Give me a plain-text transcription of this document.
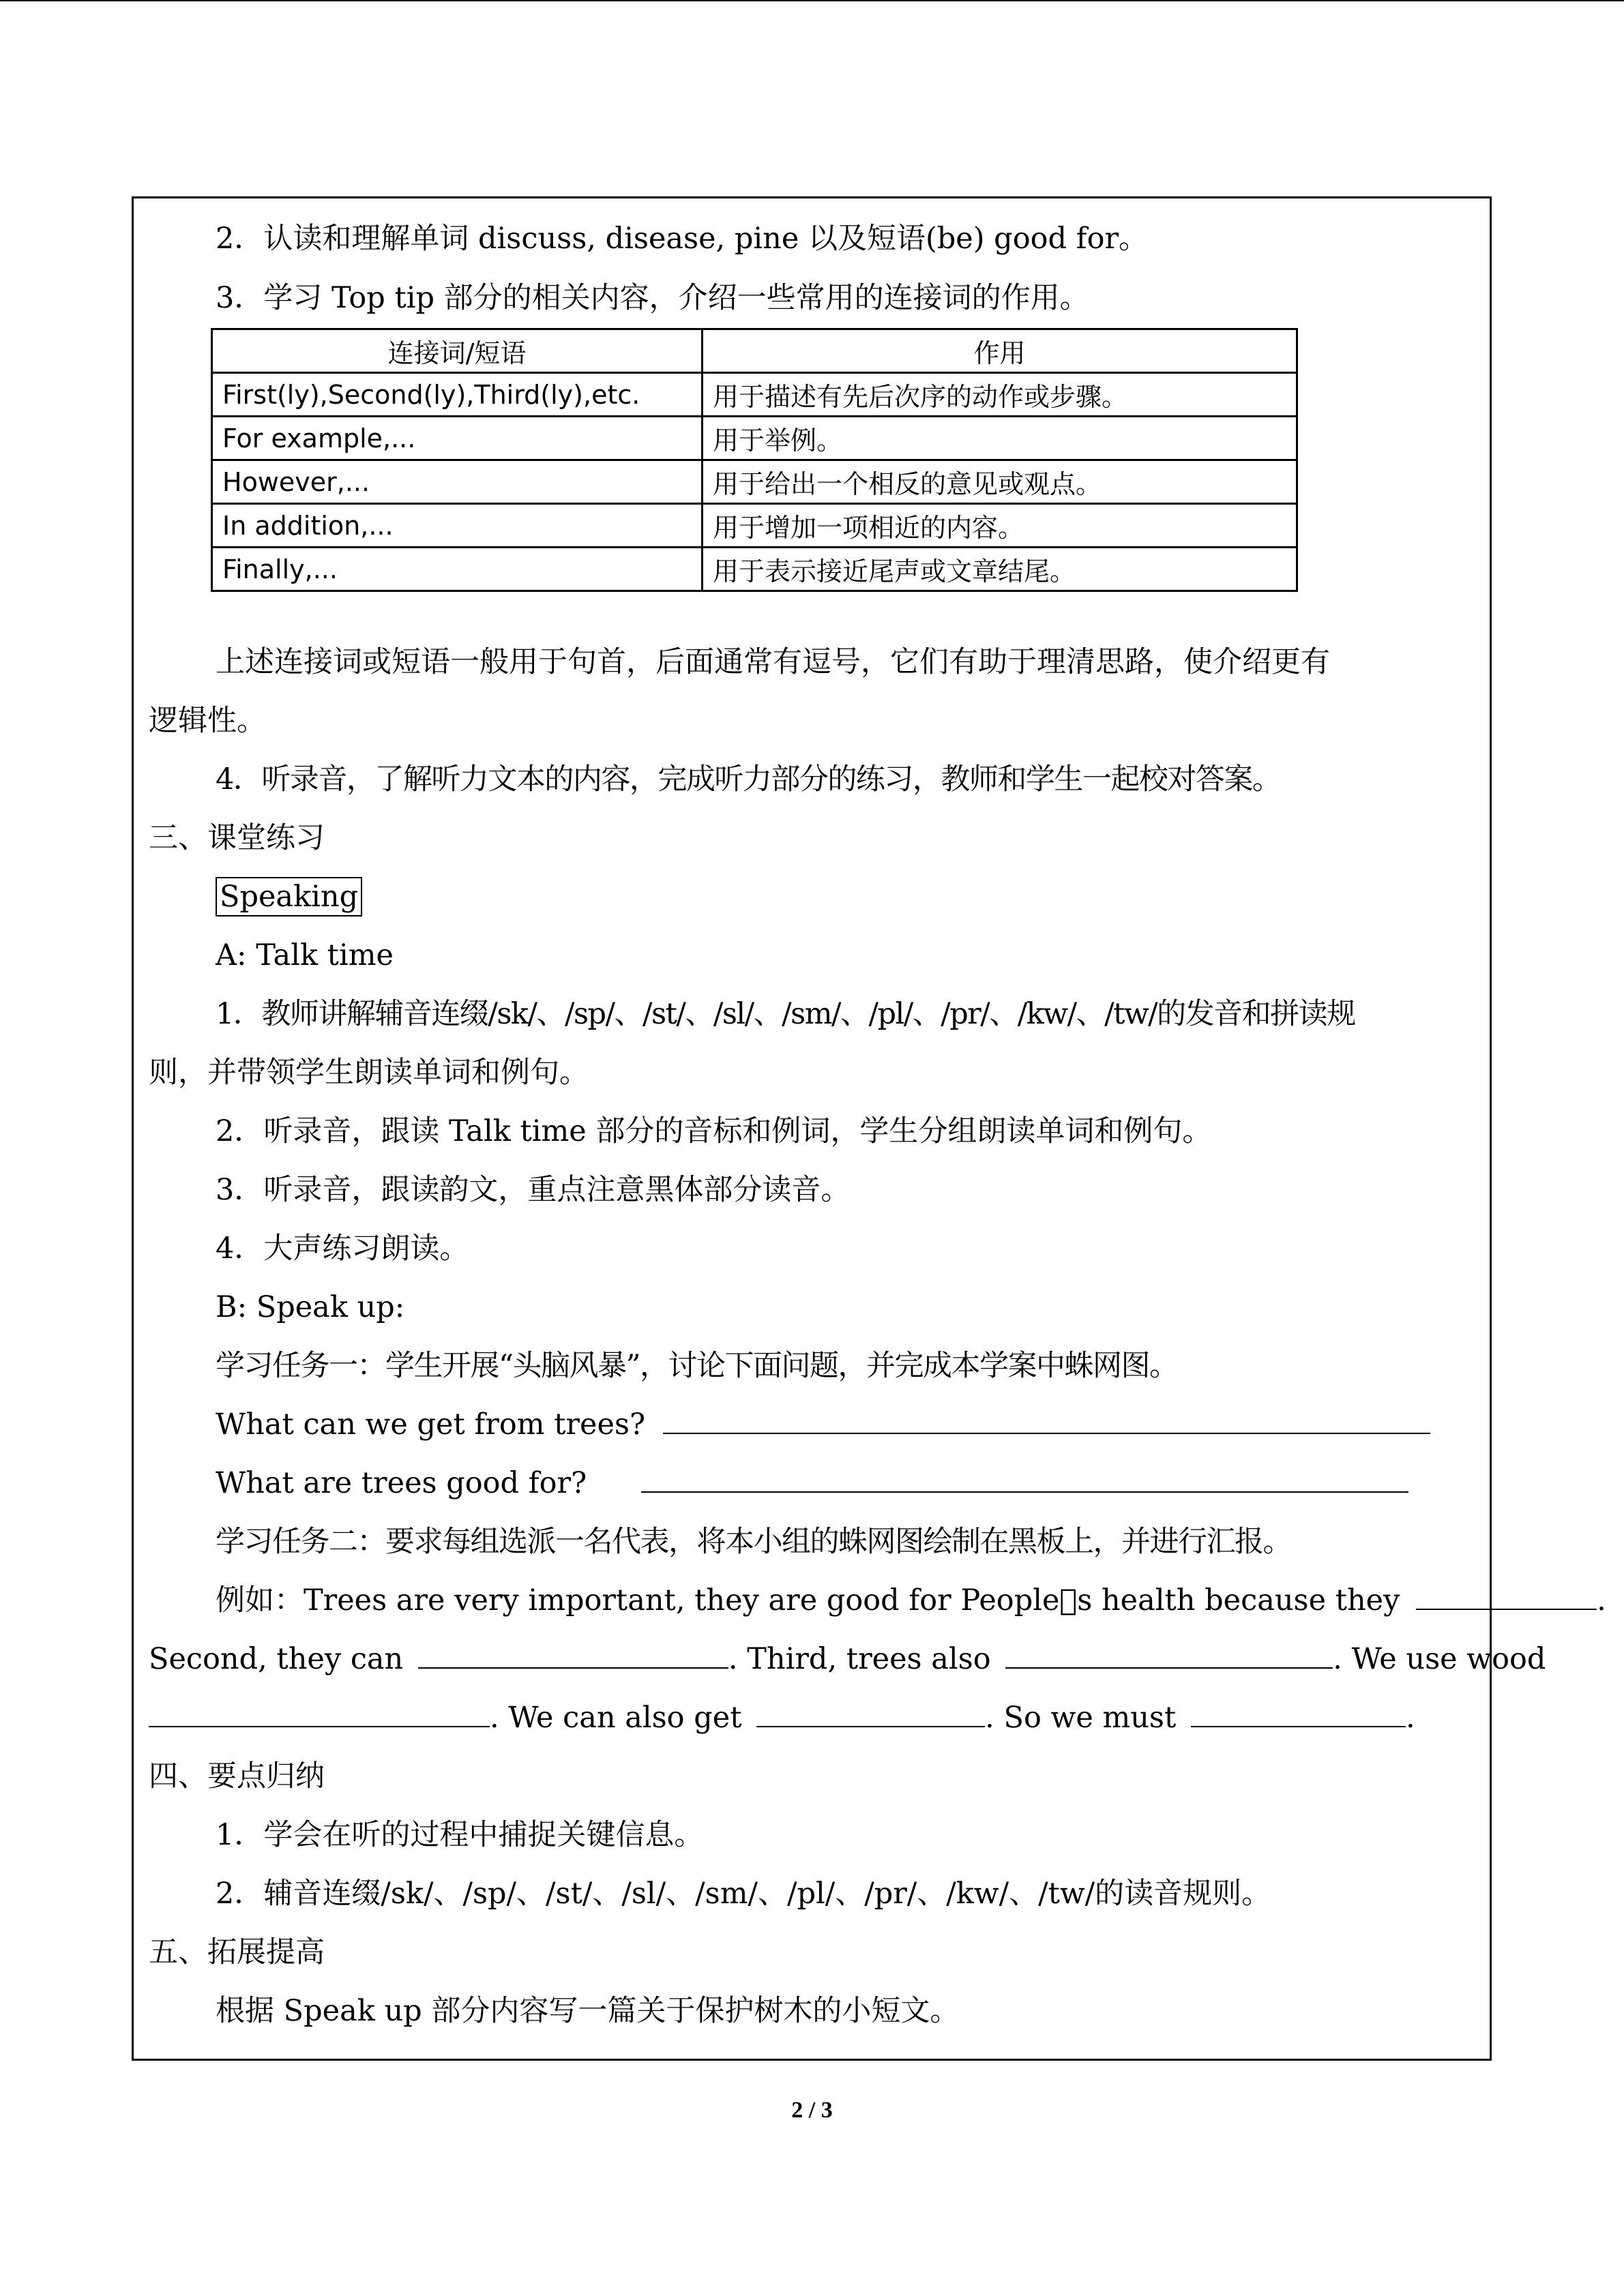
2．认读和理解单词 discuss, disease, pine 以及短语(be) good for。
3．学习 Top tip 部分的相关内容，介绍一些常用的连接词的作用。
连接词/短语	作用
First(ly),Second(ly),Third(ly),etc.	用于描述有先后次序的动作或步骤。
For example,...	用于举例。
However,...	用于给出一个相反的意见或观点。
In addition,...	用于增加一项相近的内容。
Finally,...	用于表示接近尾声或文章结尾。
上述连接词或短语一般用于句首，后面通常有逗号，它们有助于理清思路，使介绍更有
逻辑性。
4．听录音，了解听力文本的内容，完成听力部分的练习，教师和学生一起校对答案。
三、课堂练习
Speaking
A: Talk time
1．教师讲解辅音连缀/sk/、/sp/、/st/、/sl/、/sm/、/pl/、/pr/、/kw/、/tw/的发音和拼读规
则，并带领学生朗读单词和例句。
2．听录音，跟读 Talk time 部分的音标和例词，学生分组朗读单词和例句。
3．听录音，跟读韵文，重点注意黑体部分读音。
4．大声练习朗读。
B: Speak up:
学习任务一：学生开展“头脑风暴”，讨论下面问题，并完成本学案中蛛网图。
What can we get from trees?
What are trees good for?
学习任务二：要求每组选派一名代表，将本小组的蛛网图绘制在黑板上，并进行汇报。
例如：Trees are very important, they are good for People s health because they	.
Second, they can	. Third, trees also	. We use wood
. We can also get	. So we must	.
四、要点归纳
1．学会在听的过程中捕捉关键信息。
2．辅音连缀/sk/、/sp/、/st/、/sl/、/sm/、/pl/、/pr/、/kw/、/tw/的读音规则。
五、拓展提高
根据 Speak up 部分内容写一篇关于保护树木的小短文。
2 / 3
